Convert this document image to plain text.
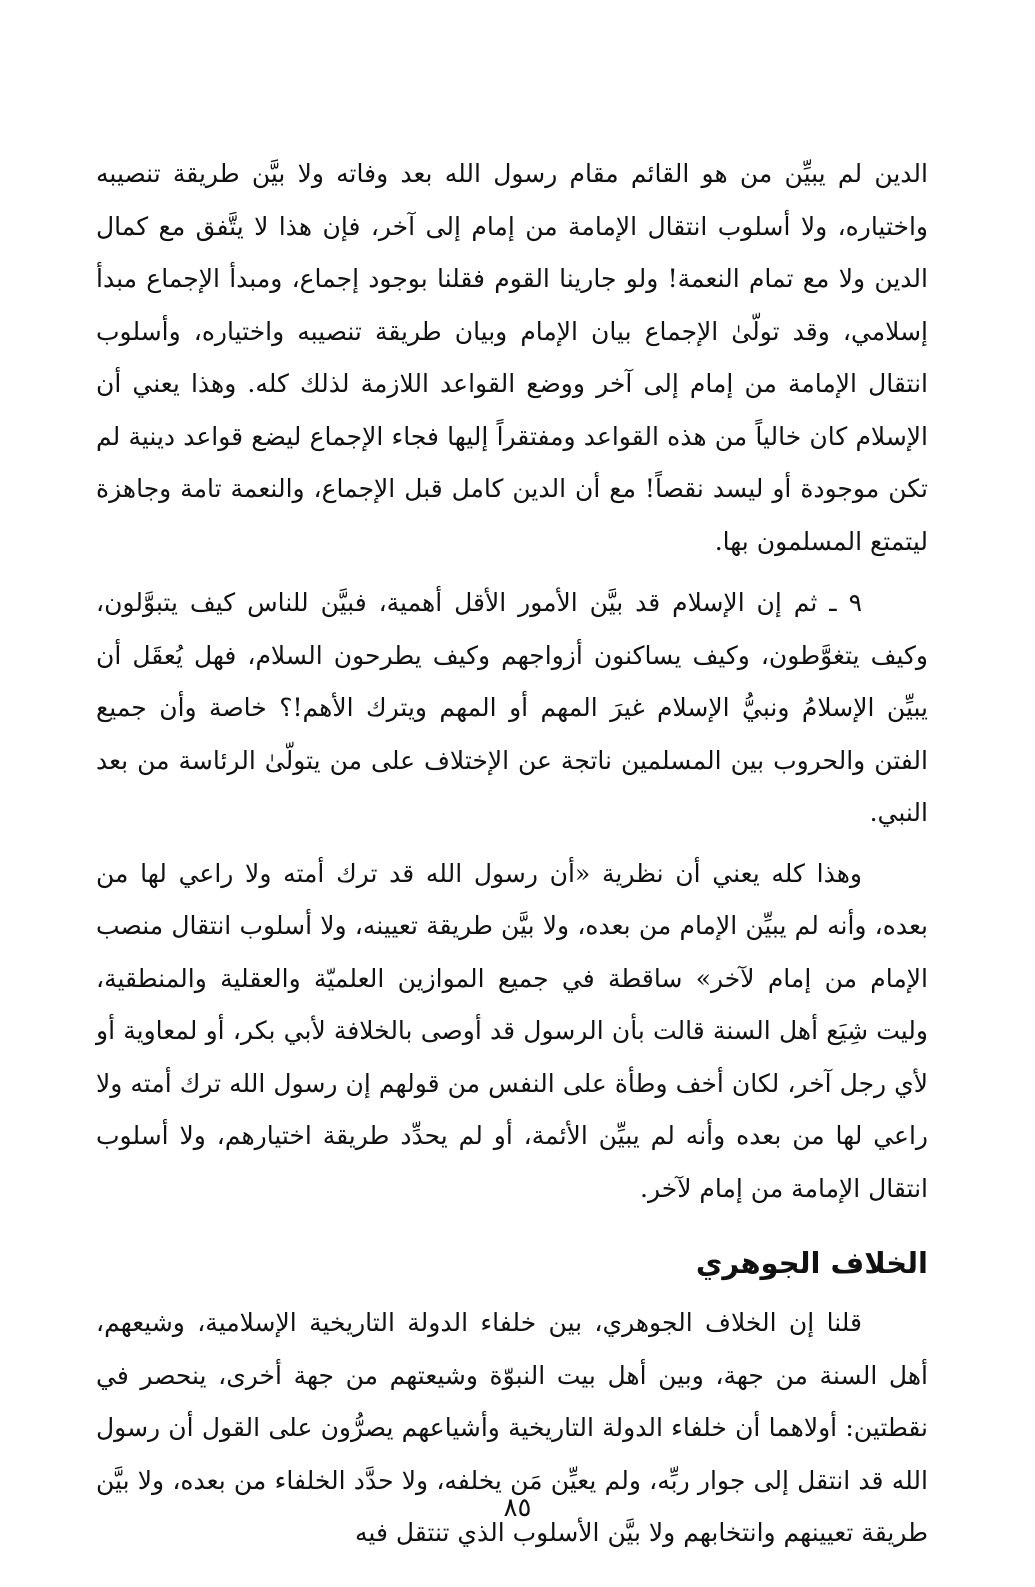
الدين لم يبيِّن من هو القائم مقام رسول الله بعد وفاته ولا بيَّن طريقة تنصيبه واختياره، ولا أسلوب انتقال الإمامة من إمام إلى آخر، فإن هذا لا يتَّفق مع كمال الدين ولا مع تمام النعمة! ولو جارينا القوم فقلنا بوجود إجماع، ومبدأ الإجماع مبدأ إسلامي، وقد تولّىٰ الإجماع بيان الإمام وبيان طريقة تنصيبه واختياره، وأسلوب انتقال الإمامة من إمام إلى آخر ووضع القواعد اللازمة لذلك كله. وهذا يعني أن الإسلام كان خالياً من هذه القواعد ومفتقراً إليها فجاء الإجماع ليضع قواعد دينية لم تكن موجودة أو ليسد نقصاً! مع أن الدين كامل قبل الإجماع، والنعمة تامة وجاهزة ليتمتع المسلمون بها.

٩ ـ ثم إن الإسلام قد بيَّن الأمور الأقل أهمية، فبيَّن للناس كيف يتبوَّلون، وكيف يتغوَّطون، وكيف يساكنون أزواجهم وكيف يطرحون السلام، فهل يُعقَل أن يبيِّن الإسلامُ ونبيُّ الإسلام غيرَ المهم أو المهم ويترك الأهم!؟ خاصة وأن جميع الفتن والحروب بين المسلمين ناتجة عن الإختلاف على من يتولّىٰ الرئاسة من بعد النبي.

وهذا كله يعني أن نظرية «أن رسول الله قد ترك أمته ولا راعي لها من بعده، وأنه لم يبيِّن الإمام من بعده، ولا بيَّن طريقة تعيينه، ولا أسلوب انتقال منصب الإمام من إمام لآخر» ساقطة في جميع الموازين العلميّة والعقلية والمنطقية، وليت شِيَع أهل السنة قالت بأن الرسول قد أوصى بالخلافة لأبي بكر، أو لمعاوية أو لأي رجل آخر، لكان أخف وطأة على النفس من قولهم إن رسول الله ترك أمته ولا راعي لها من بعده وأنه لم يبيِّن الأئمة، أو لم يحدِّد طريقة اختيارهم، ولا أسلوب انتقال الإمامة من إمام لآخر.

الخلاف الجوهري

قلنا إن الخلاف الجوهري، بين خلفاء الدولة التاريخية الإسلامية، وشيعهم، أهل السنة من جهة، وبين أهل بيت النبوّة وشيعتهم من جهة أخرى، ينحصر في نقطتين: أولاهما أن خلفاء الدولة التاريخية وأشياعهم يصرُّون على القول أن رسول الله قد انتقل إلى جوار ربِّه، ولم يعيِّن مَن يخلفه، ولا حدَّد الخلفاء من بعده، ولا بيَّن طريقة تعيينهم وانتخابهم ولا بيَّن الأسلوب الذي تنتقل فيه

٨٥
